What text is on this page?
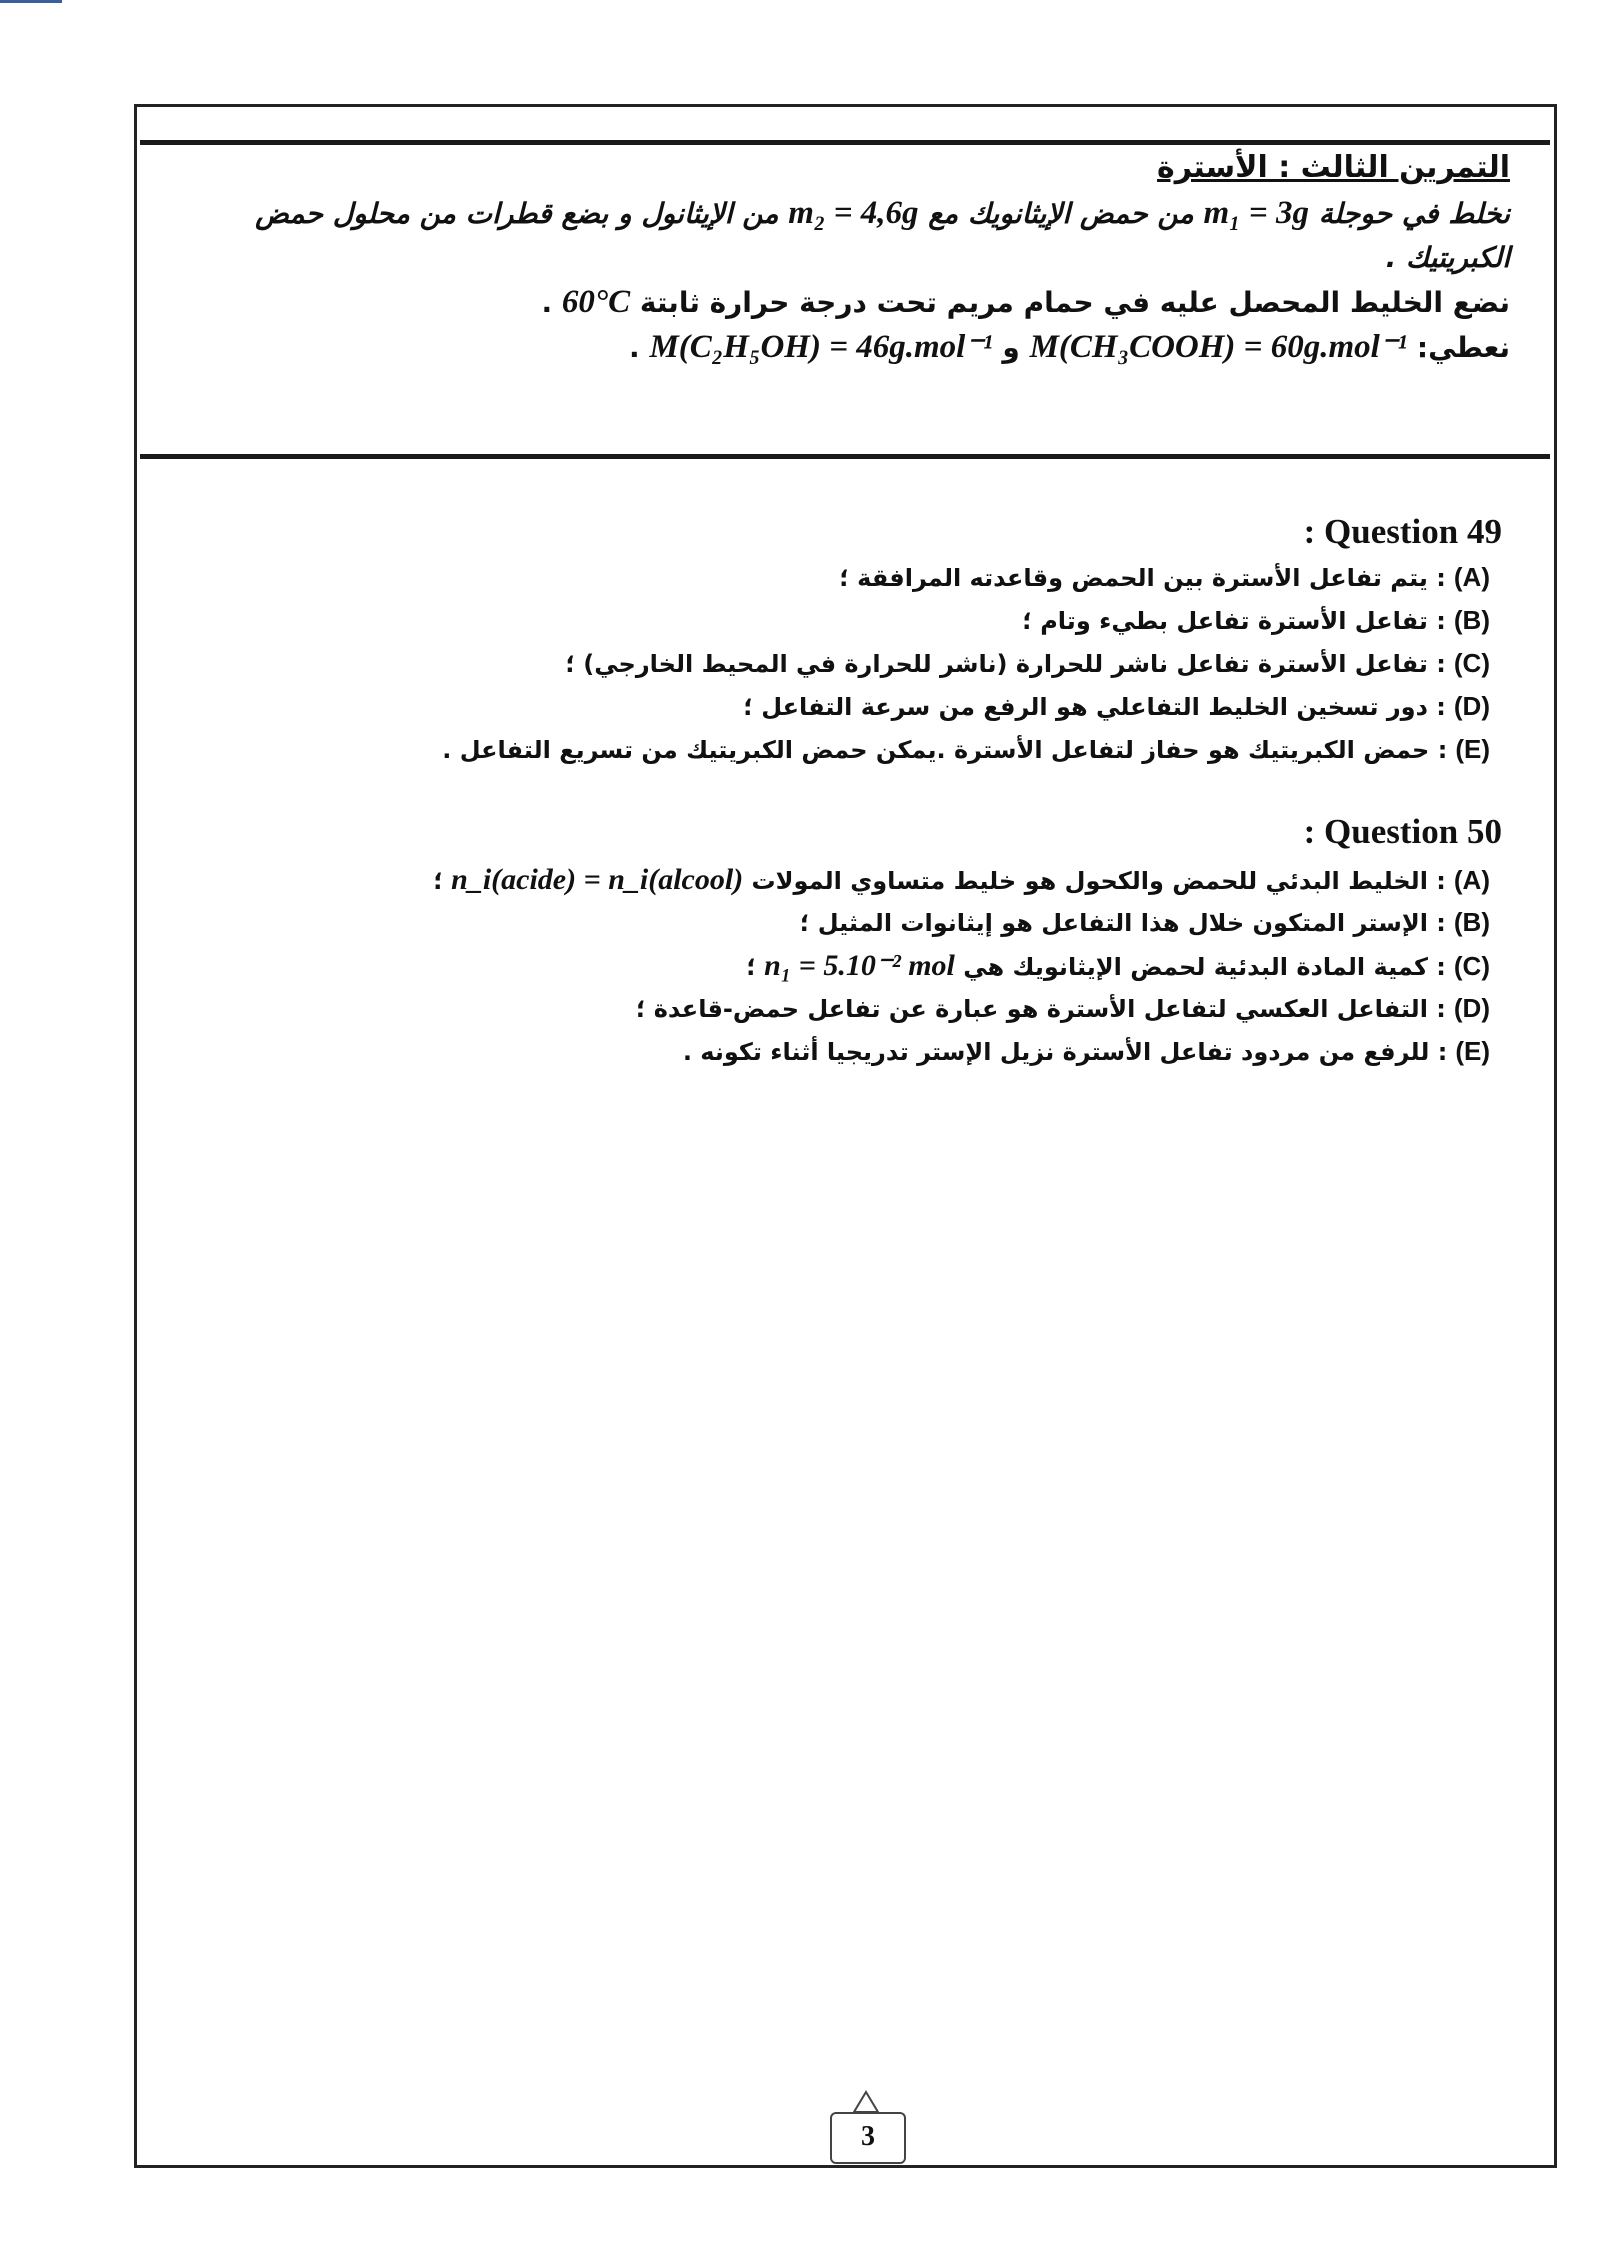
التمرين الثالث : الأسترة

نخلط في حوجلة m₁ = 3g من حمض الإيثانويك مع m₂ = 4,6g من الإيثانول و بضع قطرات من محلول حمض الكبريتيك .

نضع الخليط المحصل عليه في حمام مريم تحت درجة حرارة ثابتة 60°C .

نعطي: M(CH₃COOH) = 60g.mol⁻¹ و M(C₂H₅OH) = 46g.mol⁻¹ .

: Question 49
(A): يتم تفاعل الأسترة بين الحمض وقاعدته المرافقة ؛
(B): تفاعل الأسترة تفاعل بطيء وتام ؛
(C): تفاعل الأسترة تفاعل ناشر للحرارة (ناشر للحرارة في المحيط الخارجي) ؛
(D): دور تسخين الخليط التفاعلي هو الرفع من سرعة التفاعل ؛
(E): حمض الكبريتيك هو حفاز لتفاعل الأسترة .يمكن حمض الكبريتيك من تسريع التفاعل .
: Question 50
(A): الخليط البدئي للحمض والكحول هو خليط متساوي المولات n_i(acide) = n_i(alcool) ؛
(B): الإستر المتكون خلال هذا التفاعل هو إيثانوات المثيل ؛
(C): كمية المادة البدئية لحمض الإيثانويك هي n₁ = 5.10⁻² mol ؛
(D): التفاعل العكسي لتفاعل الأسترة هو عبارة عن تفاعل حمض-قاعدة ؛
(E): للرفع من مردود تفاعل الأسترة نزيل الإستر تدريجيا أثناء تكونه .
3
